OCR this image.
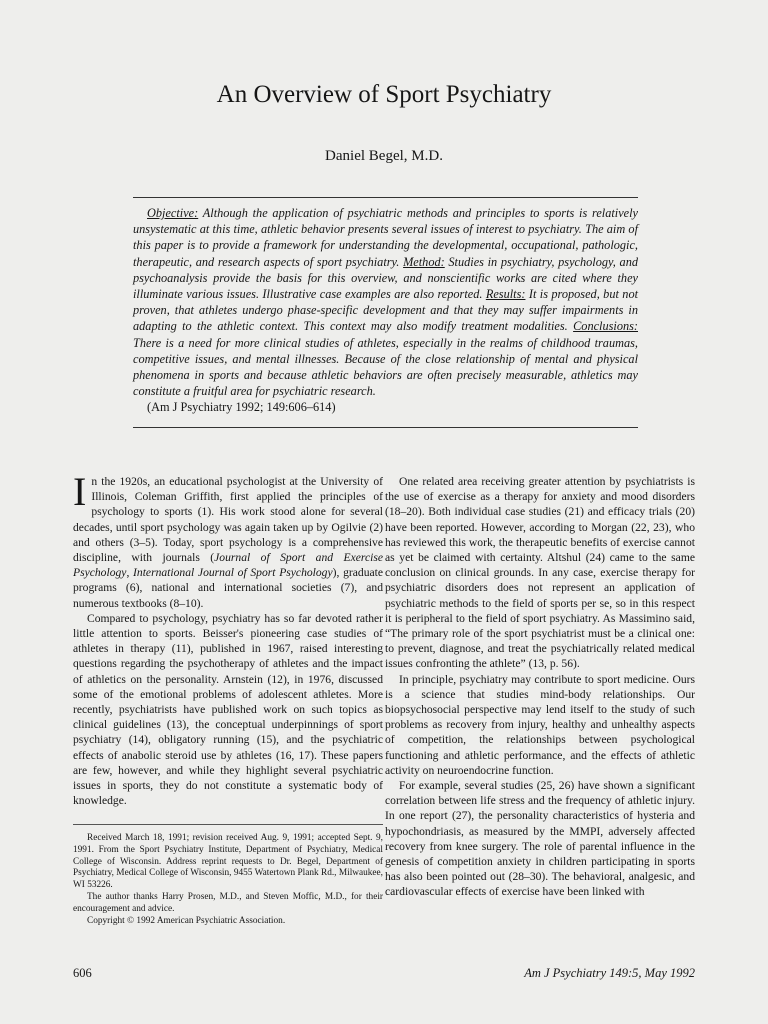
An Overview of Sport Psychiatry
Daniel Begel, M.D.
Objective: Although the application of psychiatric methods and principles to sports is relatively unsystematic at this time, athletic behavior presents several issues of interest to psychiatry. The aim of this paper is to provide a framework for understanding the developmental, occupational, pathologic, therapeutic, and research aspects of sport psychiatry. Method: Studies in psychiatry, psychology, and psychoanalysis provide the basis for this overview, and nonscientific works are cited where they illuminate various issues. Illustrative case examples are also reported. Results: It is proposed, but not proven, that athletes undergo phase-specific development and that they may suffer impairments in adapting to the athletic context. This context may also modify treatment modalities. Conclusions: There is a need for more clinical studies of athletes, especially in the realms of childhood traumas, competitive issues, and mental illnesses. Because of the close relationship of mental and physical phenomena in sports and because athletic behaviors are often precisely measurable, athletics may constitute a fruitful area for psychiatric research.
(Am J Psychiatry 1992; 149:606–614)

In the 1920s, an educational psychologist at the University of Illinois, Coleman Griffith, first applied the principles of psychology to sports (1). His work stood alone for several decades, until sport psychology was again taken up by Ogilvie (2) and others (3–5). Today, sport psychology is a comprehensive discipline, with journals (Journal of Sport and Exercise Psychology, International Journal of Sport Psychology), graduate programs (6), national and international societies (7), and numerous textbooks (8–10).

Compared to psychology, psychiatry has so far devoted rather little attention to sports. Beisser's pioneering case studies of athletes in therapy (11), published in 1967, raised interesting questions regarding the psychotherapy of athletes and the impact of athletics on the personality. Arnstein (12), in 1976, discussed some of the emotional problems of adolescent athletes. More recently, psychiatrists have published work on such topics as clinical guidelines (13), the conceptual underpinnings of sport psychiatry (14), obligatory running (15), and the psychiatric effects of anabolic steroid use by athletes (16, 17). These papers are few, however, and while they highlight several psychiatric issues in sports, they do not constitute a systematic body of knowledge.

One related area receiving greater attention by psychiatrists is the use of exercise as a therapy for anxiety and mood disorders (18–20). Both individual case studies (21) and efficacy trials (20) have been reported. However, according to Morgan (22, 23), who has reviewed this work, the therapeutic benefits of exercise cannot as yet be claimed with certainty. Altshul (24) came to the same conclusion on clinical grounds. In any case, exercise therapy for psychiatric disorders does not represent an application of psychiatric methods to the field of sports per se, so in this respect it is peripheral to the field of sport psychiatry. As Massimino said, “The primary role of the sport psychiatrist must be a clinical one: to prevent, diagnose, and treat the psychiatrically related medical issues confronting the athlete” (13, p. 56).

In principle, psychiatry may contribute to sport medicine. Ours is a science that studies mind-body relationships. Our biopsychosocial perspective may lend itself to the study of such problems as recovery from injury, healthy and unhealthy aspects of competition, the relationships between psychological functioning and athletic performance, and the effects of athletic activity on neuroendocrine function.

For example, several studies (25, 26) have shown a significant correlation between life stress and the frequency of athletic injury. In one report (27), the personality characteristics of hysteria and hypochondriasis, as measured by the MMPI, adversely affected recovery from knee surgery. The role of parental influence in the genesis of competition anxiety in children participating in sports has also been pointed out (28–30). The behavioral, analgesic, and cardiovascular effects of exercise have been linked with

Received March 18, 1991; revision received Aug. 9, 1991; accepted Sept. 9, 1991. From the Sport Psychiatry Institute, Department of Psychiatry, Medical College of Wisconsin. Address reprint requests to Dr. Begel, Department of Psychiatry, Medical College of Wisconsin, 9455 Watertown Plank Rd., Milwaukee, WI 53226.

The author thanks Harry Prosen, M.D., and Steven Moffic, M.D., for their encouragement and advice.

Copyright © 1992 American Psychiatric Association.

606	Am J Psychiatry 149:5, May 1992
